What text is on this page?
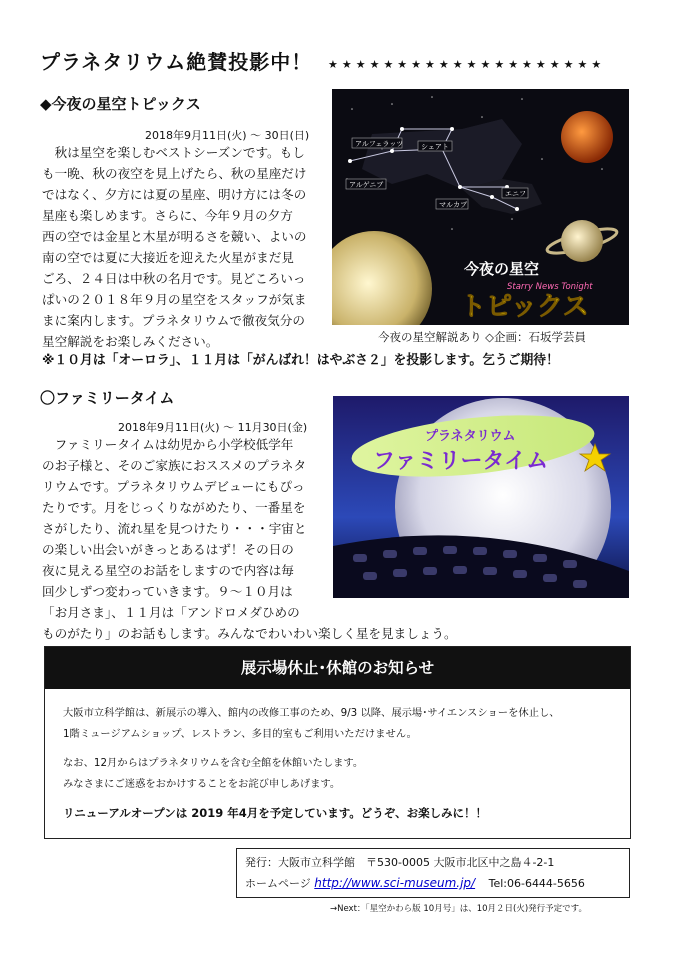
プラネタリウム絶賛投影中！ ★★★★★★★★★★★★★★★★★★★★
◆今夜の星空トピックス
2018年9月11日(火) ～ 30日(日)

　秋は星空を楽しむベストシーズンです。もし

も一晩、秋の夜空を見上げたら、秋の星座だけ

ではなく、夕方には夏の星座、明け方には冬の

星座も楽しめます。さらに、今年９月の夕方

西の空では金星と木星が明るさを競い、よいの

南の空では夏に大接近を迎えた火星がまだ見

ごろ、２４日は中秋の名月です。見どころいっ

ぱいの２０１８年９月の星空をスタッフが気ま

まに案内します。プラネタリウムで徹夜気分の

星空解説をお楽しみください。

アルフェラッツ	シェアト
アルゲニブ
マルカブ
エニフ
今夜の星空
Starry News Tonight
トピックス
今夜の星空解説あり ◇企画：石坂学芸員
※１０月は「オーロラ」、１１月は「がんばれ！はやぶさ２」を投影します。乞うご期待！
〇ファミリータイム
2018年9月11日(火) ～ 11月30日(金)

　ファミリータイムは幼児から小学校低学年

のお子様と、そのご家族におススメのプラネタ

リウムです。プラネタリウムデビューにもぴっ

たりです。月をじっくりながめたり、一番星を

さがしたり、流れ星を見つけたり・・・宇宙と

の楽しい出会いがきっとあるはず！その日の

夜に見える星空のお話をしますので内容は毎

回少しずつ変わっていきます。９～１０月は

「お月さま」、１１月は「アンドロメダひめの

ものがたり」のお話もします。みんなでわいわい楽しく星を見ましょう。

プラネタリウム
ファミリータイム
展示場休止･休館のお知らせ

大阪市立科学館は、新展示の導入、館内の改修工事のため、9/3 以降、展示場･サイエンスショーを休止し、

1階ミュージアムショップ、レストラン、多目的室もご利用いただけません。

なお、12月からはプラネタリウムを含む全館を休館いたします。

みなさまにご迷惑をおかけすることをお詫び申しあげます。

リニューアルオープンは 2019 年4月を予定しています。どうぞ、お楽しみに！！

発行：大阪市立科学館　〒530-0005 大阪市北区中之島４-2-1
ホームページ http://www.sci-museum.jp/ Tel:06-6444-5656
→Next：「星空かわら版 10月号」は、10月２日(火)発行予定です。
